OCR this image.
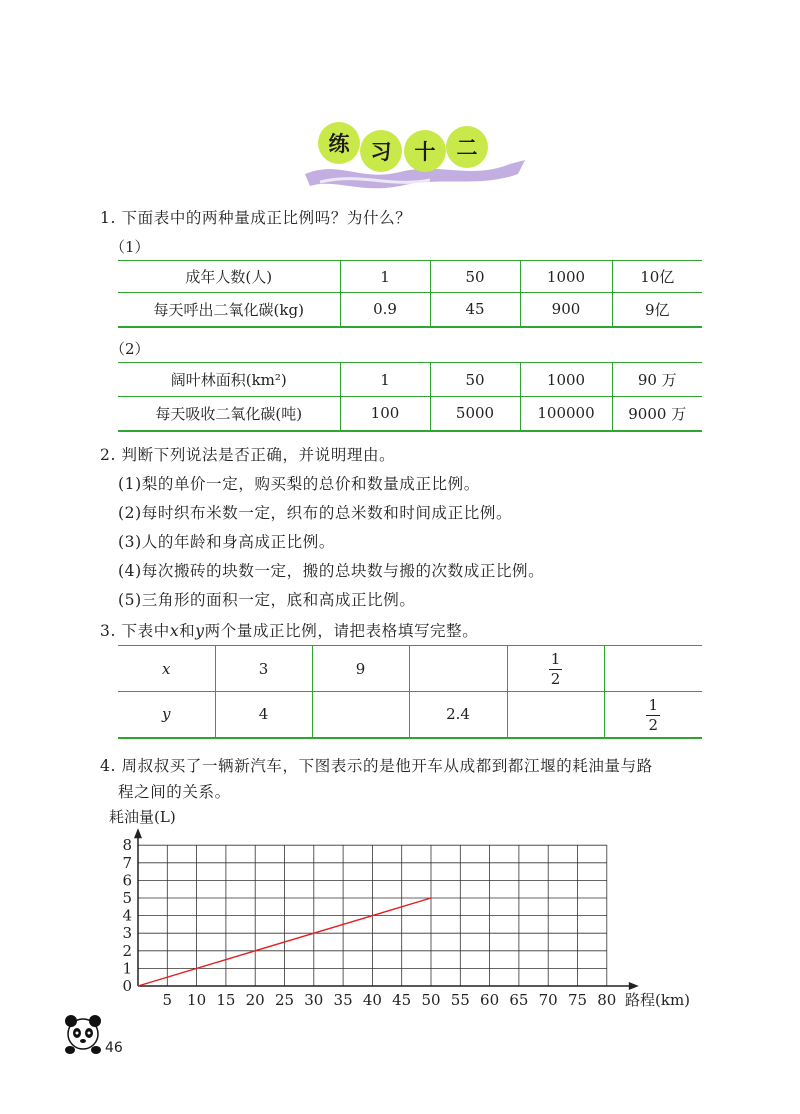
练	习	十	二
1. 下面表中的两种量成正比例吗？为什么？
（1）
成年人数(人)	1	50	1000	10亿
每天呼出二氧化碳(kg)	0.9	45	900	9亿
（2）
阔叶林面积(km²)	1	50	1000	90 万
每天吸收二氧化碳(吨)	100	5000	100000	9000 万
2. 判断下列说法是否正确，并说明理由。
(1)梨的单价一定，购买梨的总价和数量成正比例。
(2)每时织布米数一定，织布的总米数和时间成正比例。
(3)人的年龄和身高成正比例。
(4)每次搬砖的块数一定，搬的总块数与搬的次数成正比例。
(5)三角形的面积一定，底和高成正比例。
3. 下表中x和y两个量成正比例，请把表格填写完整。
x	3	9		$\frac{1}{2}$

y	4		2.4		$\frac{1}{2}$
4. 周叔叔买了一辆新汽车，下图表示的是他开车从成都到都江堰的耗油量与路
程之间的关系。
5 10 15 20 25 30 35 40 45 50 55 60 65 70 75 80
0
1
2
3
4
5
6
7
8
耗油量(L)
路程(km)
46
